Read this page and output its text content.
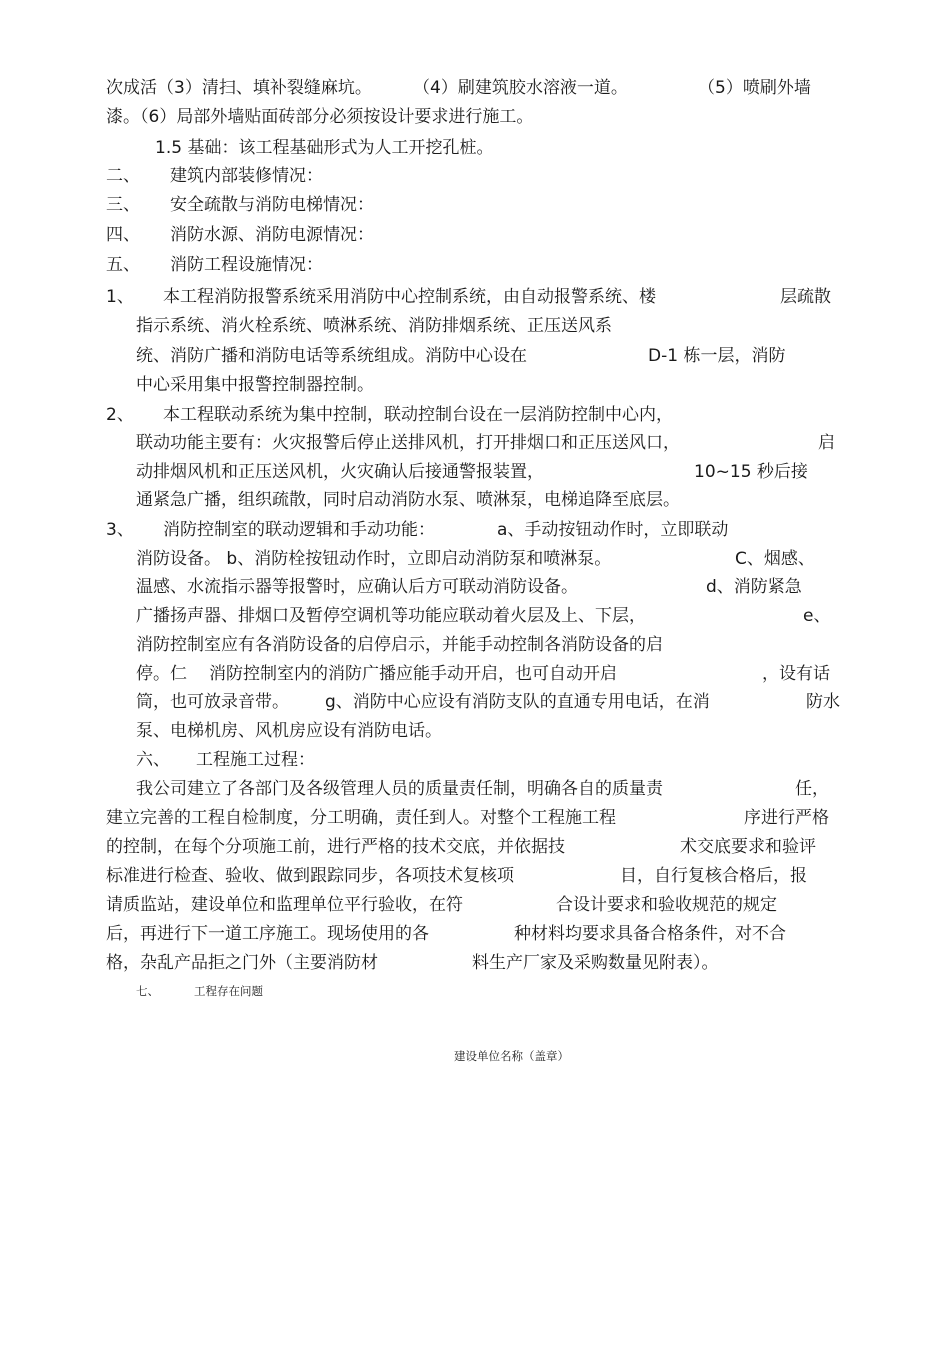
次成活（3）清扫、填补裂缝麻坑。 （4）刷建筑胶水溶液一道。	（5）喷刷外墙
漆。（6）局部外墙贴面砖部分必须按设计要求进行施工。
1.5 基础：该工程基础形式为人工开挖孔桩。
二、 建筑内部装修情况：
三、 安全疏散与消防电梯情况：
四、 消防水源、消防电源情况：
五、 消防工程设施情况：
1、 本工程消防报警系统采用消防中心控制系统，由自动报警系统、楼	层疏散
指示系统、消火栓系统、喷淋系统、消防排烟系统、正压送风系
统、消防广播和消防电话等系统组成。消防中心设在	D-1 栋一层，消防
中心采用集中报警控制器控制。
2、 本工程联动系统为集中控制，联动控制台设在一层消防控制中心内，
联动功能主要有：火灾报警后停止送排风机，打开排烟口和正压送风口，	启
动排烟风机和正压送风机，火灾确认后接通警报装置，	10~15 秒后接
通紧急广播，组织疏散，同时启动消防水泵、喷淋泵，电梯追降至底层。
3、 消防控制室的联动逻辑和手动功能：	a、手动按钮动作时，立即联动
消防设备。 b、消防栓按钮动作时，立即启动消防泵和喷淋泵。	C、烟感、
温感、水流指示器等报警时，应确认后方可联动消防设备。	d、消防紧急
广播扬声器、排烟口及暂停空调机等功能应联动着火层及上、下层，	e、
消防控制室应有各消防设备的启停启示，并能手动控制各消防设备的启
停。仁 消防控制室内的消防广播应能手动开启，也可自动开启	，设有话
筒，也可放录音带。 g、消防中心应设有消防支队的直通专用电话，在消	防水
泵、电梯机房、风机房应设有消防电话。
六、 工程施工过程：
我公司建立了各部门及各级管理人员的质量责任制，明确各自的质量责	任，
建立完善的工程自检制度，分工明确，责任到人。对整个工程施工程	序进行严格
的控制，在每个分项施工前，进行严格的技术交底，并依据技	术交底要求和验评
标准进行检查、验收、做到跟踪同步，各项技术复核项	目，自行复核合格后，报
请质监站，建设单位和监理单位平行验收，在符	合设计要求和验收规范的规定
后，再进行下一道工序施工。现场使用的各	种材料均要求具备合格条件，对不合
格，杂乱产品拒之门外（主要消防材	料生产厂家及采购数量见附表）。
七、	工程存在问题
建设单位名称（盖章）
